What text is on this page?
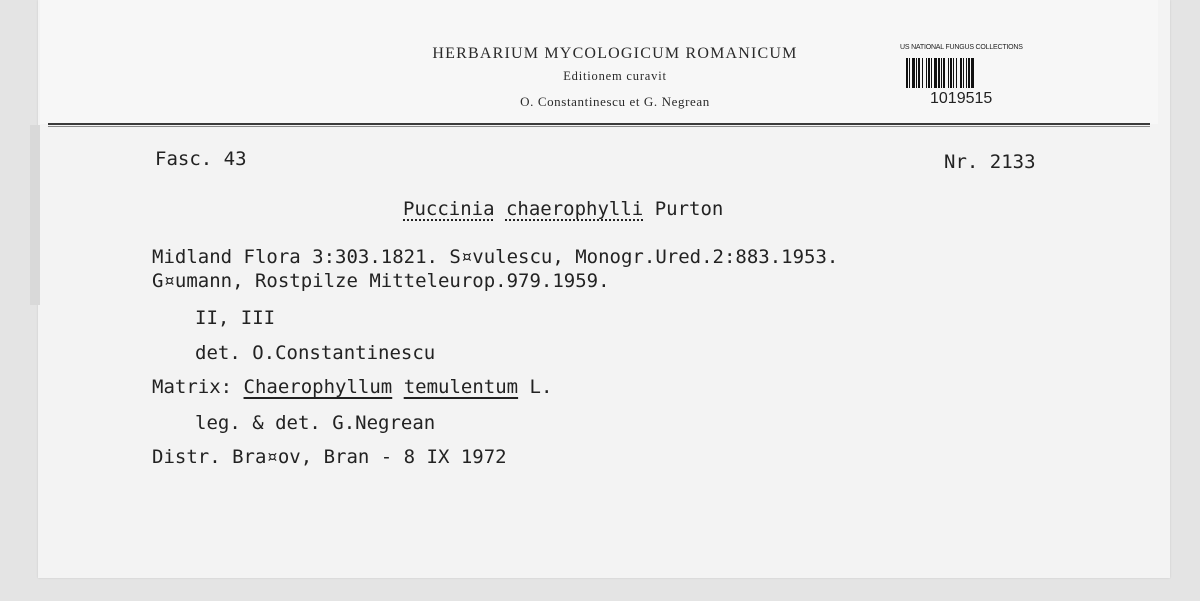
HERBARIUM MYCOLOGICUM ROMANICUM
Editionem curavit
O. Constantinescu et G. Negrean
US NATIONAL FUNGUS COLLECTIONS
1019515
Fasc. 43	Nr. 2133
Puccinia chaerophylli Purton
Midland Flora 3:303.1821. S¤vulescu, Monogr.Ured.2:883.1953.
G¤umann, Rostpilze Mitteleurop.979.1959.
II, III
det. O.Constantinescu
Matrix: Chaerophyllum temulentum L.
leg. & det. G.Negrean
Distr. Bra¤ov, Bran - 8 IX 1972
